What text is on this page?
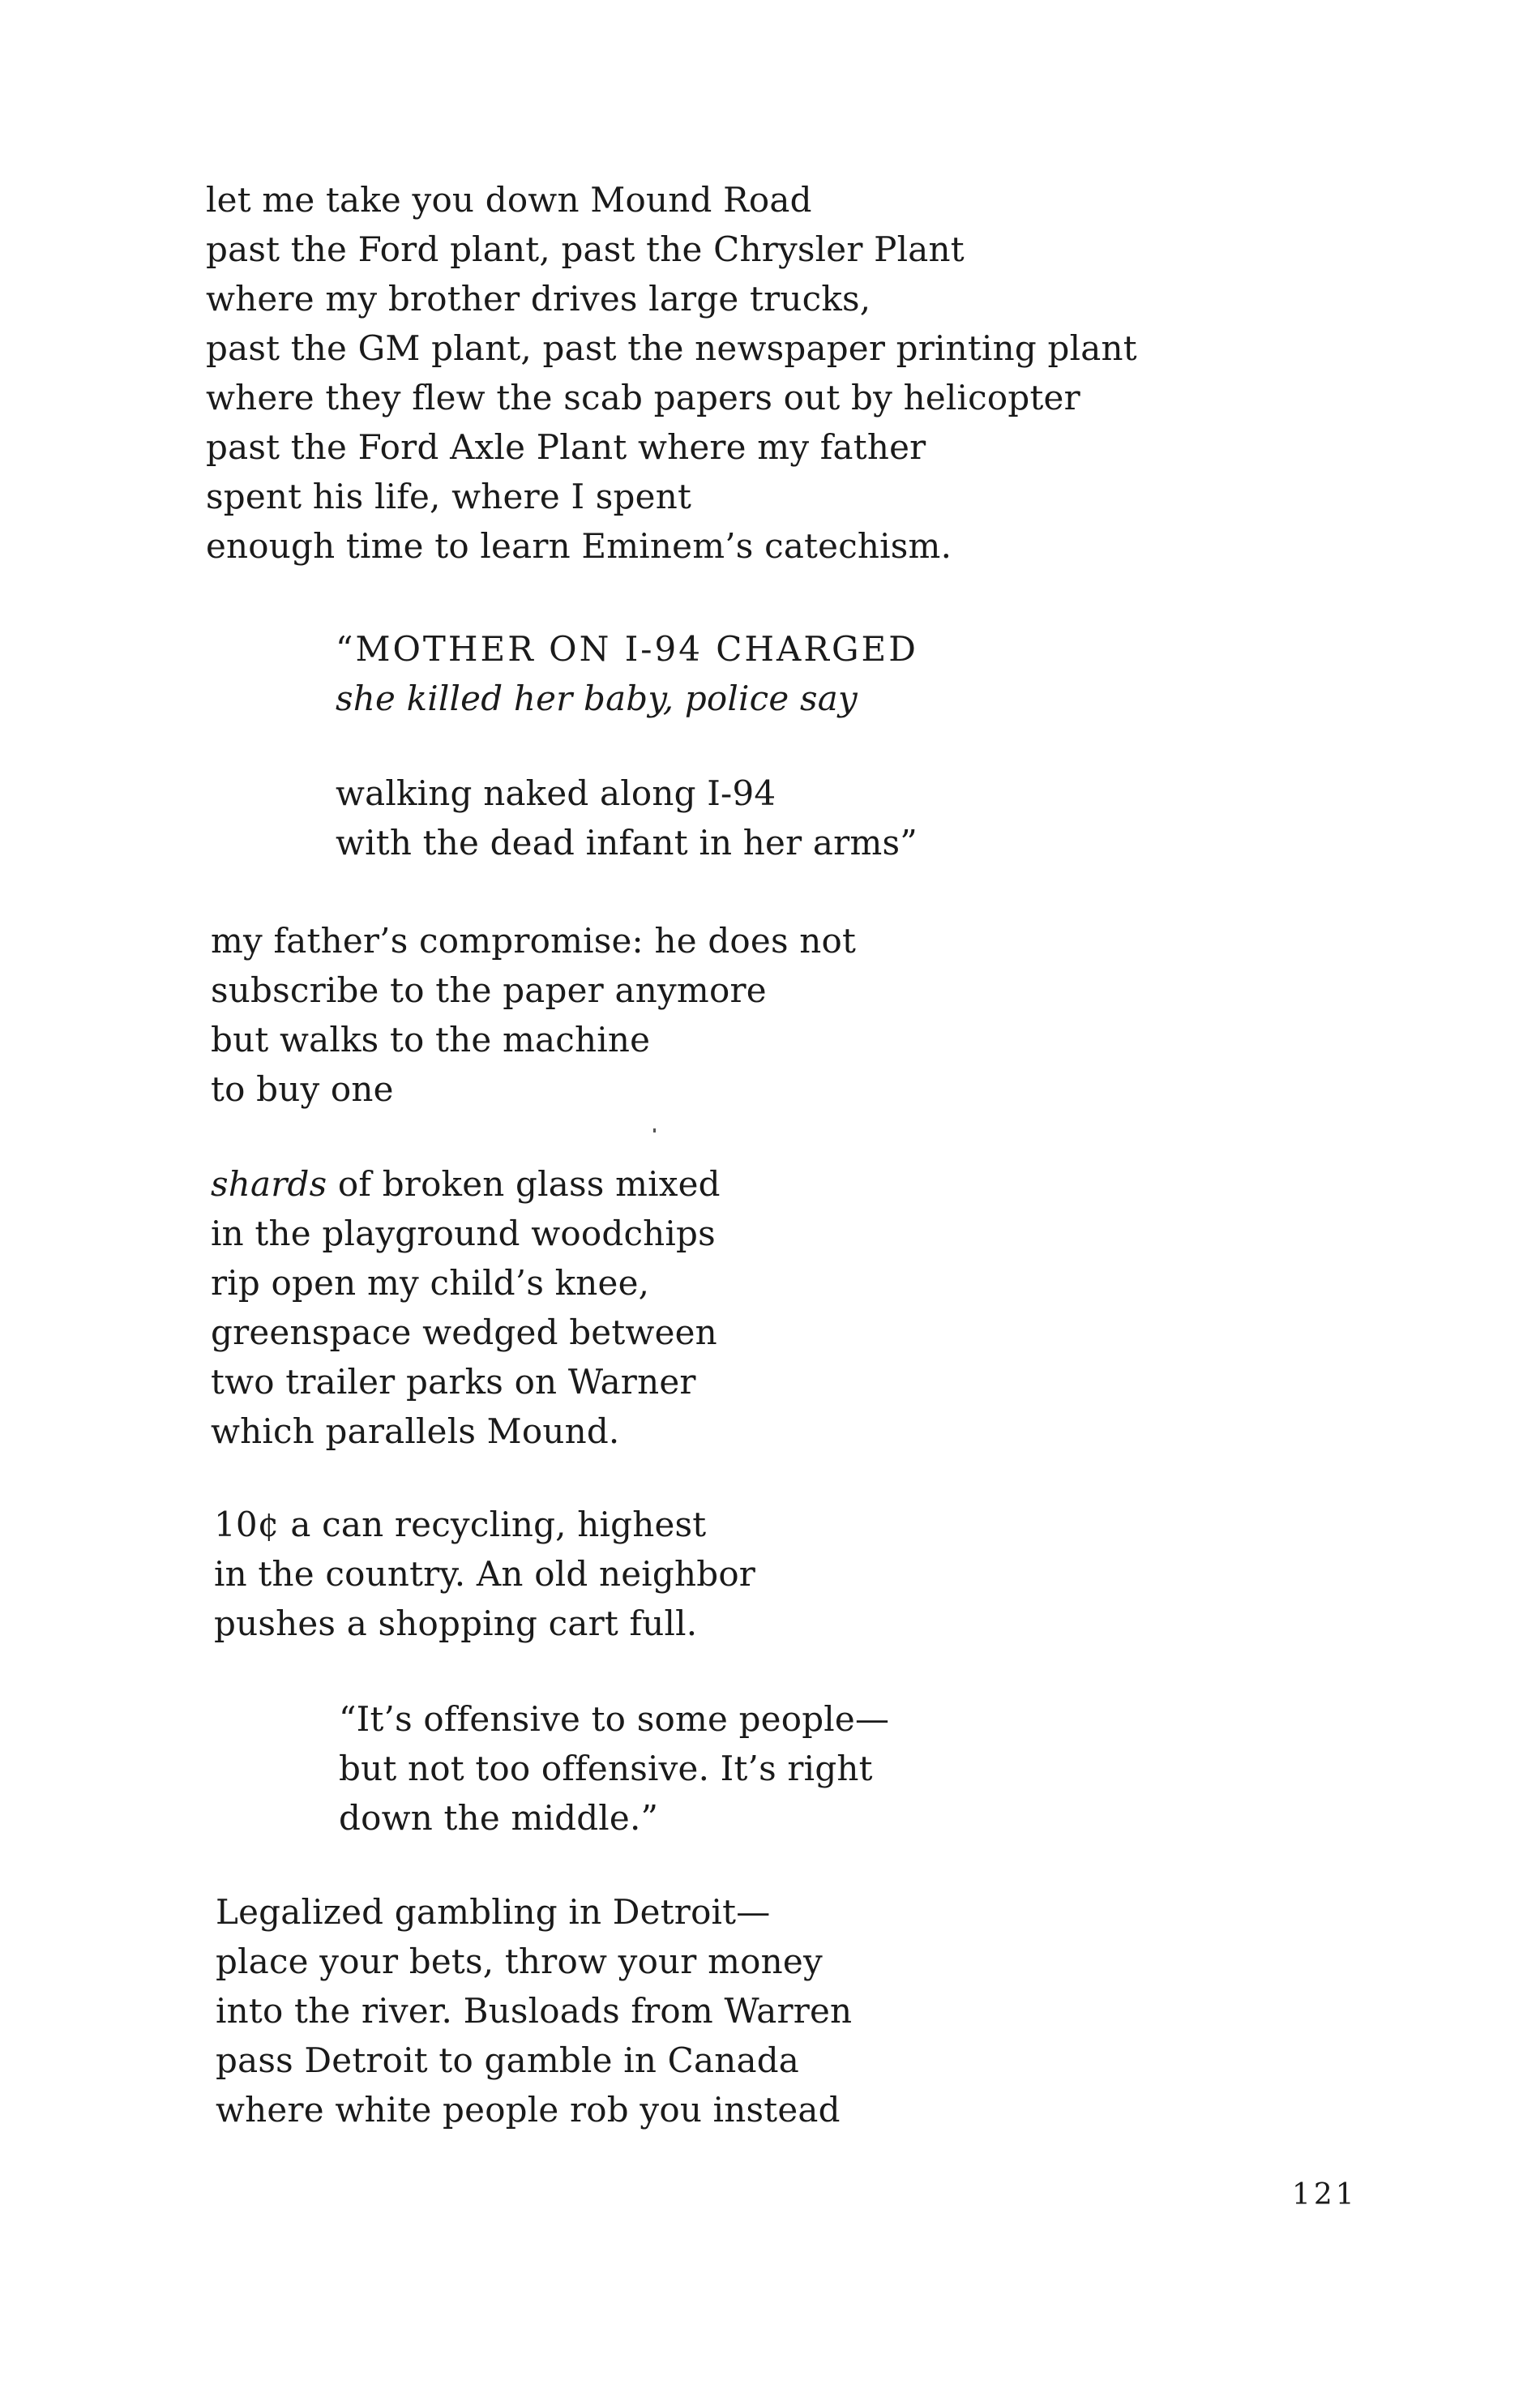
let me take you down Mound Road
past the Ford plant, past the Chrysler Plant
where my brother drives large trucks,
past the GM plant, past the newspaper printing plant
where they flew the scab papers out by helicopter
past the Ford Axle Plant where my father
spent his life, where I spent
enough time to learn Eminem’s catechism.
“MOTHER ON I-94 CHARGED
she killed her baby, police say
walking naked along I-94
with the dead infant in her arms”
my father’s compromise: he does not
subscribe to the paper anymore
but walks to the machine
to buy one
shards of broken glass mixed
in the playground woodchips
rip open my child’s knee,
greenspace wedged between
two trailer parks on Warner
which parallels Mound.
10¢ a can recycling, highest
in the country. An old neighbor
pushes a shopping cart full.
“It’s offensive to some people—
but not too offensive. It’s right
down the middle.”
Legalized gambling in Detroit—
place your bets, throw your money
into the river. Busloads from Warren
pass Detroit to gamble in Canada
where white people rob you instead
121
